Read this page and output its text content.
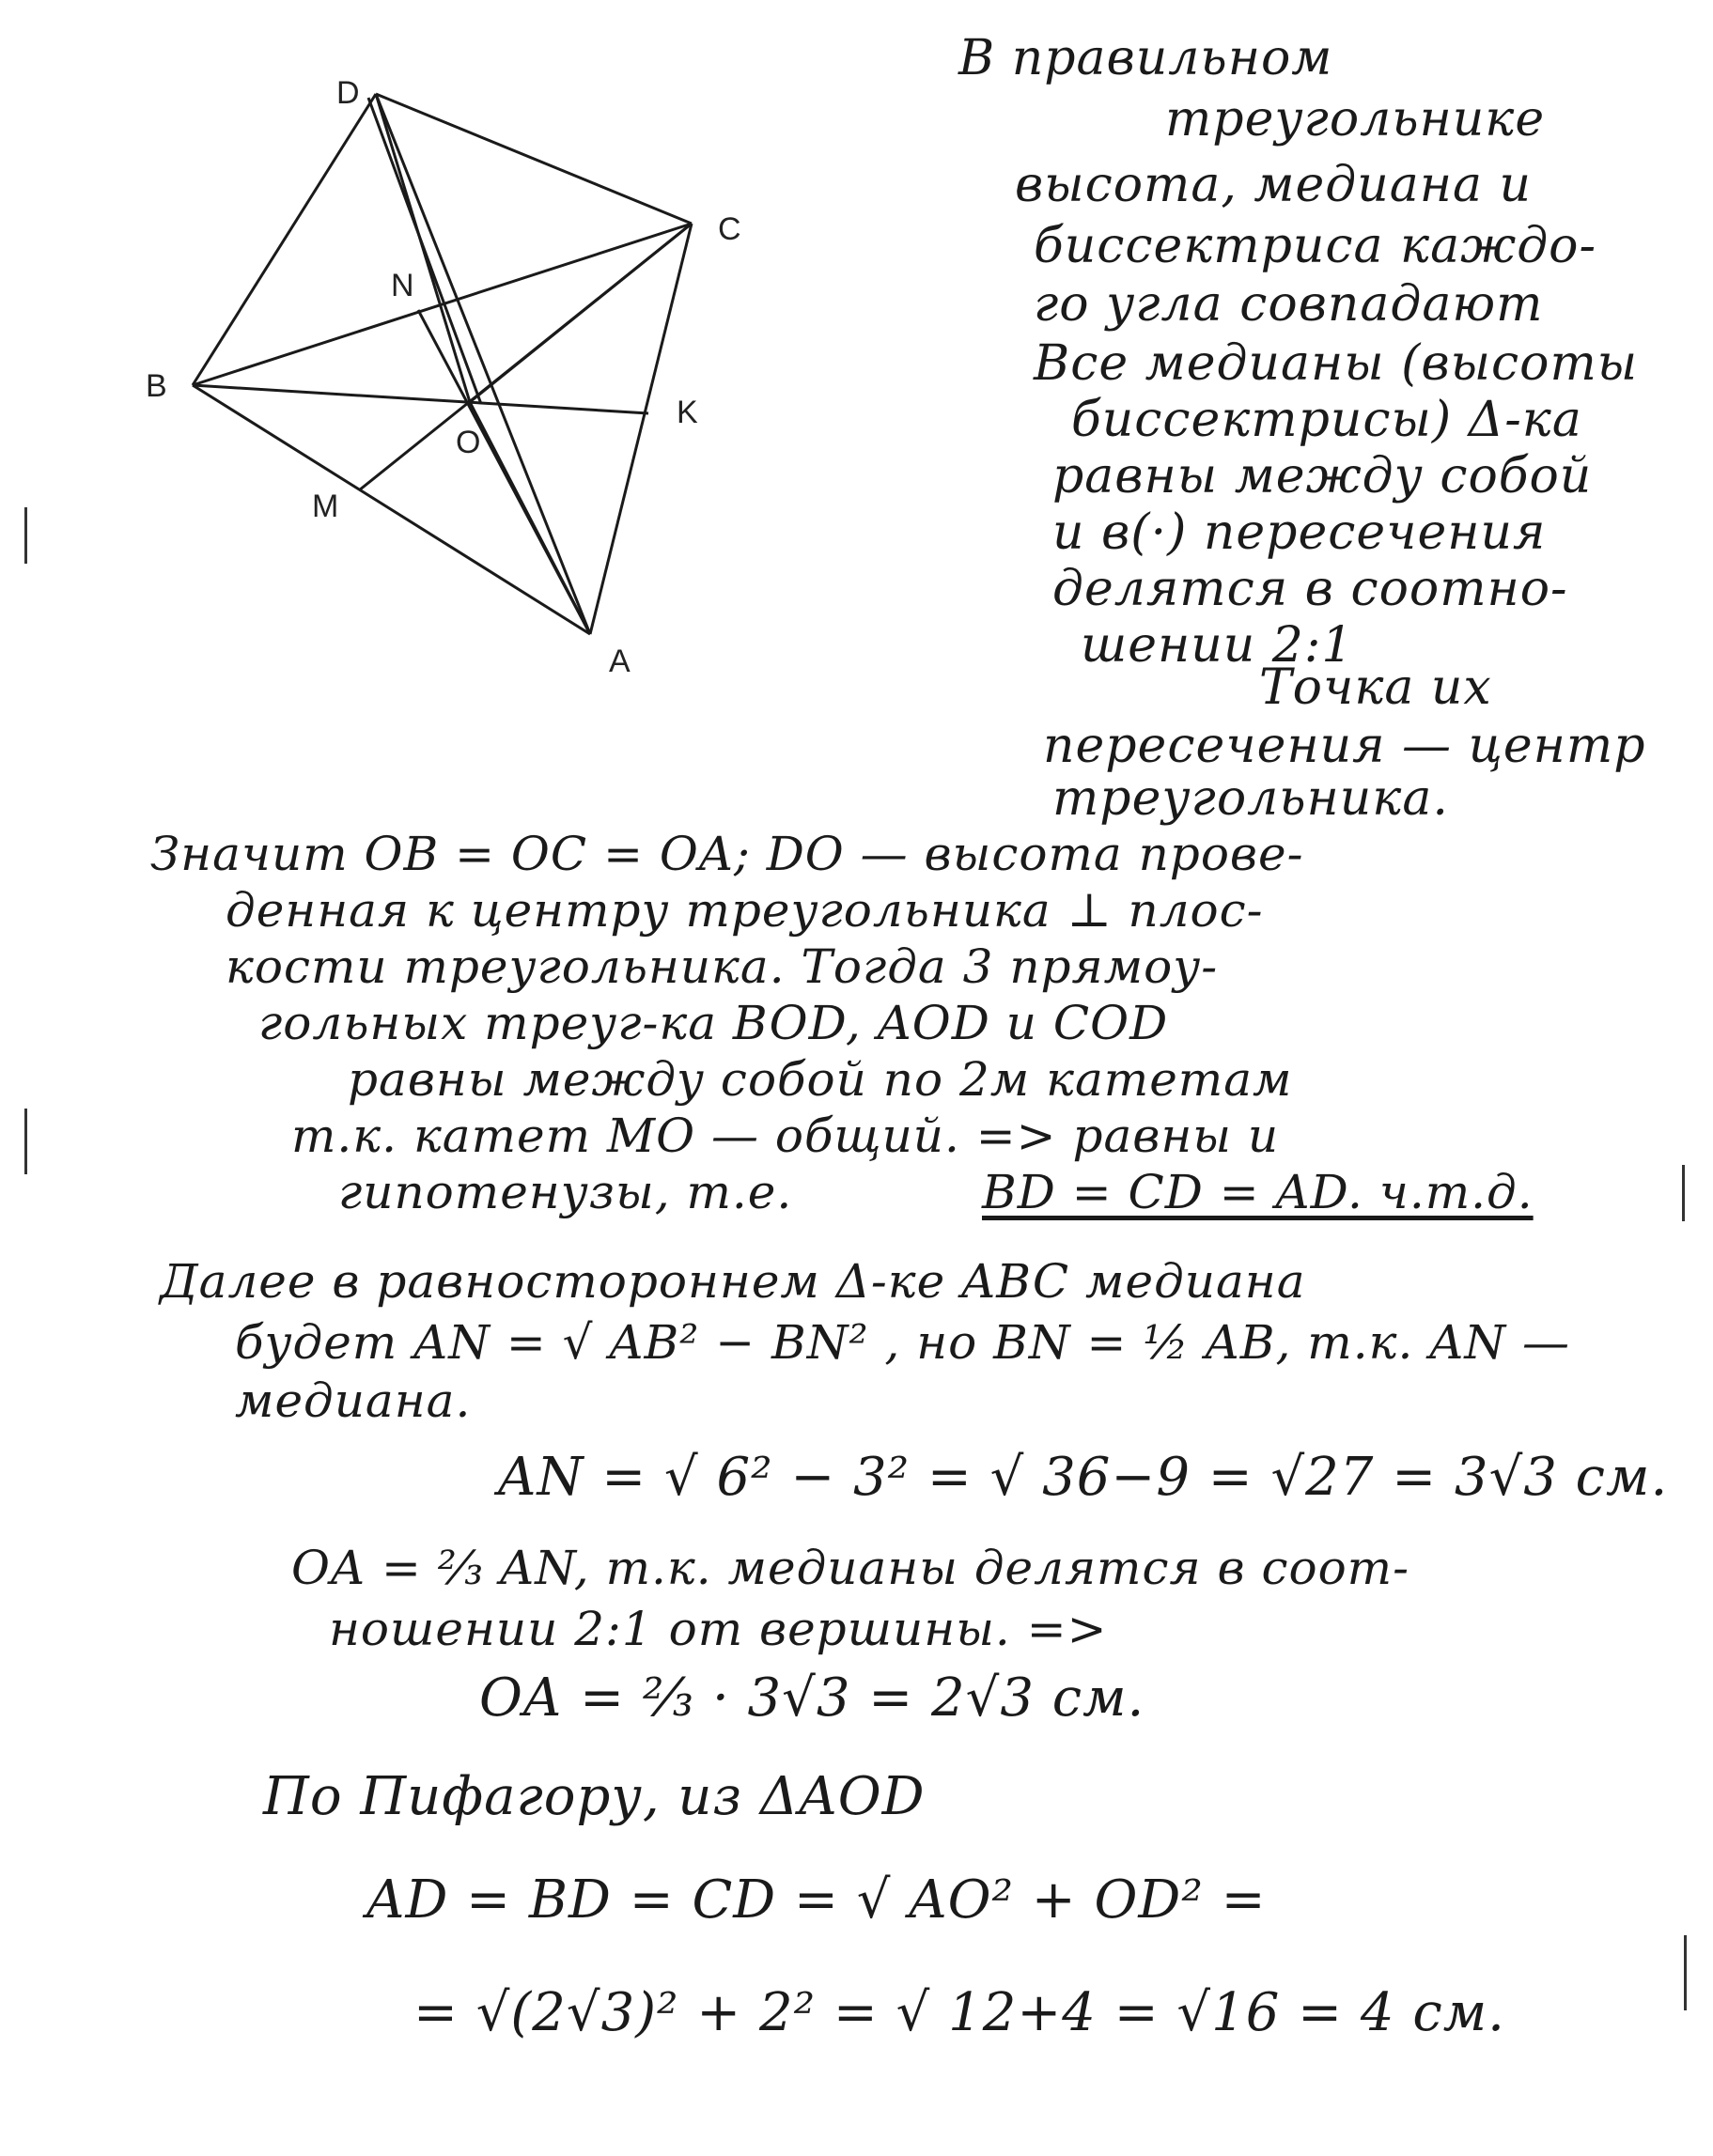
D
C
N
B
K
O
M
A

В правильном

треугольнике

высота, медиана и

биссектриса каждо-

го угла совпадают

Все медианы (высоты

биссектрисы) Δ-ка

равны между собой

и в(·) пересечения

делятся в соотно-

шении 2:1

Точка их

пересечения — центр

треугольника.

Значит OB = OC = OA; DO — высота прове-

денная к центру треугольника ⊥ плос-

кости треугольника. Тогда 3 прямоу-

гольных треуг-ка BOD, AOD и COD

равны между собой по 2м катетам

т.к. катет MO — общий. => равны и

гипотенузы, т.е.	BD = CD = AD. ч.т.д.

Далее в равностороннем Δ-ке ABC медиана

будет AN = √ AB² − BN² , но BN = ½ AB, т.к. AN —

медиана.

AN = √ 6² − 3² = √ 36−9 = √27 = 3√3 см.

OA = ⅔ AN, т.к. медианы делятся в соот-

ношении 2:1 от вершины. =>

OA = ⅔ · 3√3 = 2√3 см.

По Пифагору, из ΔAOD

AD = BD = CD = √ AO² + OD² =

= √(2√3)² + 2² = √ 12+4 = √16 = 4 см.
